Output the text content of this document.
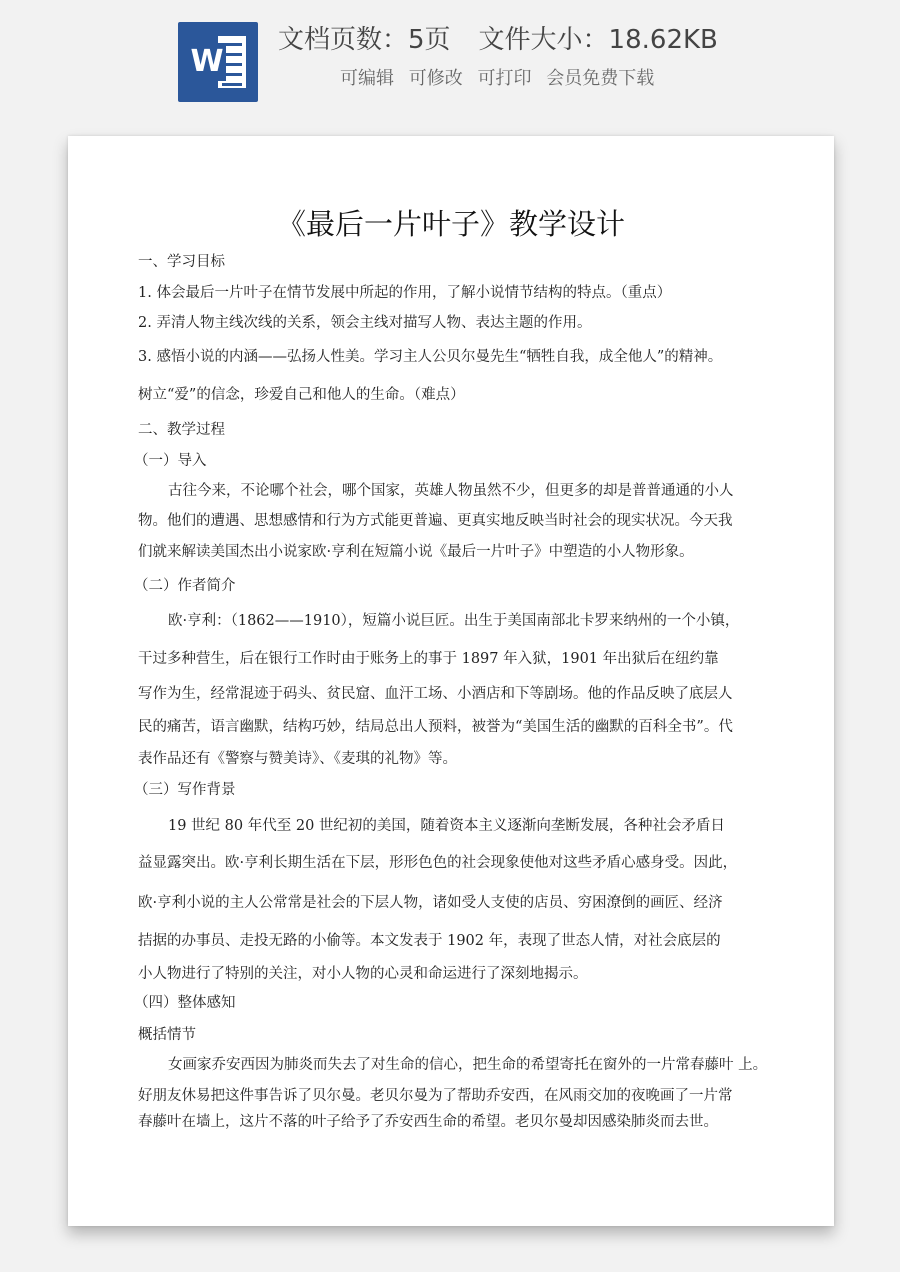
W
文档页数：5页 文件大小：18.62KB
可编辑 可修改 可打印 会员免费下载
《最后一片叶子》教学设计
一、学习目标
1. 体会最后一片叶子在情节发展中所起的作用，了解小说情节结构的特点。（重点）
2. 弄清人物主线次线的关系，领会主线对描写人物、表达主题的作用。
3. 感悟小说的内涵——弘扬人性美。学习主人公贝尔曼先生“牺牲自我，成全他人”的精神。
树立“爱”的信念，珍爱自己和他人的生命。（难点）
二、教学过程
（一）导入
古往今来，不论哪个社会，哪个国家，英雄人物虽然不少，但更多的却是普普通通的小人
物。他们的遭遇、思想感情和行为方式能更普遍、更真实地反映当时社会的现实状况。今天我
们就来解读美国杰出小说家欧·亨利在短篇小说《最后一片叶子》中塑造的小人物形象。
（二）作者简介
欧·亨利：（1862——1910），短篇小说巨匠。出生于美国南部北卡罗来纳州的一个小镇，
干过多种营生，后在银行工作时由于账务上的事于 1897 年入狱，1901 年出狱后在纽约靠
写作为生，经常混迹于码头、贫民窟、血汗工场、小酒店和下等剧场。他的作品反映了底层人
民的痛苦，语言幽默，结构巧妙，结局总出人预料，被誉为“美国生活的幽默的百科全书”。代
表作品还有《警察与赞美诗》、《麦琪的礼物》等。
（三）写作背景
19 世纪 80 年代至 20 世纪初的美国，随着资本主义逐渐向垄断发展，各种社会矛盾日
益显露突出。欧·亨利长期生活在下层，形形色色的社会现象使他对这些矛盾心感身受。因此，
欧·亨利小说的主人公常常是社会的下层人物，诸如受人支使的店员、穷困潦倒的画匠、经济
拮据的办事员、走投无路的小偷等。本文发表于 1902 年，表现了世态人情，对社会底层的
小人物进行了特别的关注，对小人物的心灵和命运进行了深刻地揭示。
（四）整体感知
概括情节
女画家乔安西因为肺炎而失去了对生命的信心，把生命的希望寄托在窗外的一片常春藤叶 上。
好朋友休易把这件事告诉了贝尔曼。老贝尔曼为了帮助乔安西，在风雨交加的夜晚画了一片常
春藤叶在墙上，这片不落的叶子给予了乔安西生命的希望。老贝尔曼却因感染肺炎而去世。
